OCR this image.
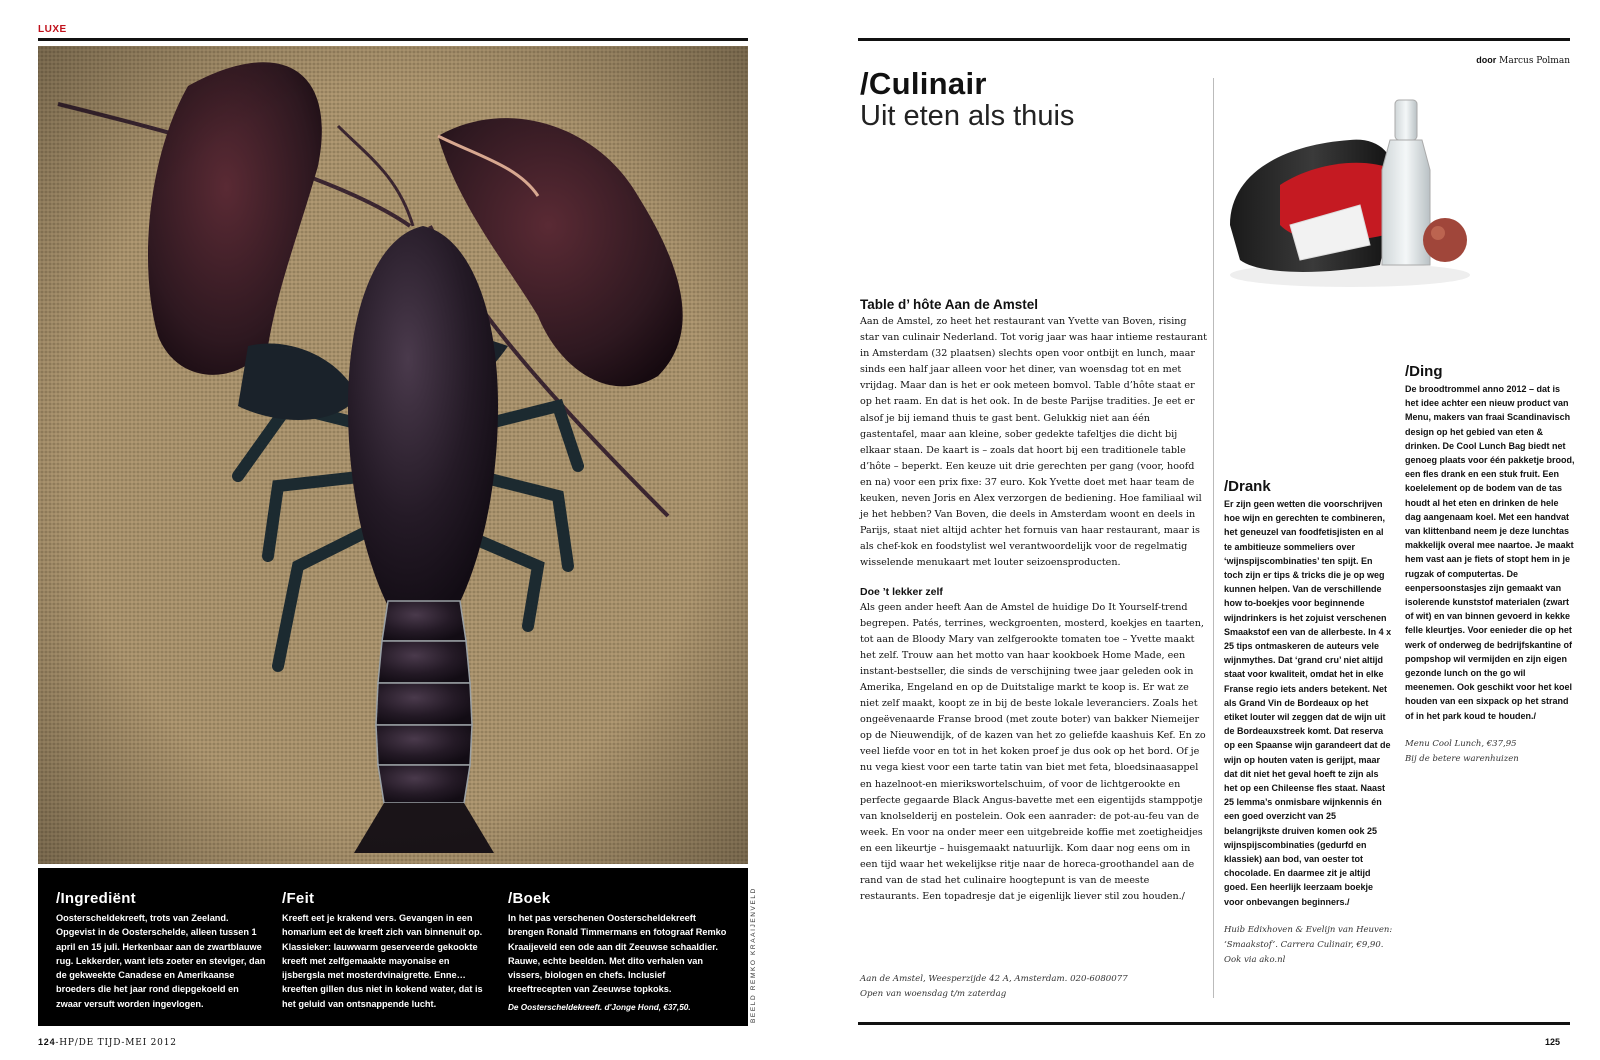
LUXE
/Ingrediënt

Oosterscheldekreeft, trots van Zeeland. Opgevist in de Oosterschelde, alleen tussen 1 april en 15 juli. Herkenbaar aan de zwartblauwe rug. Lekkerder, want iets zoeter en steviger, dan de gekweekte Canadese en Amerikaanse broeders die het jaar rond diepgekoeld en zwaar versuft worden ingevlogen.

/Feit

Kreeft eet je krakend vers. Gevangen in een homarium eet de kreeft zich van binnenuit op. Klassieker: lauwwarm geserveerde gekookte kreeft met zelfgemaakte mayonaise en ijsbergsla met mosterdvinaigrette. Enne… kreeften gillen dus niet in kokend water, dat is het geluid van ontsnappende lucht.

/Boek

In het pas verschenen Oosterscheldekreeft brengen Ronald Timmermans en fotograaf Remko Kraaijeveld een ode aan dit Zeeuwse schaaldier. Rauwe, echte beelden. Met dito verhalen van vissers, biologen en chefs. Inclusief kreeftrecepten van Zeeuwse topkoks.

De Oosterscheldekreeft. d'Jonge Hond, €37,50.	BEELD REMKO KRAAIJENVELD
124-HP/DE TIJD-MEI 2012
door Marcus Polman
/Culinair
Uit eten als thuis
Table d’ hôte Aan de Amstel

Aan de Amstel, zo heet het restaurant van Yvette van Boven, rising star van culinair Nederland. Tot vorig jaar was haar intieme restaurant in Amsterdam (32 plaatsen) slechts open voor ontbijt en lunch, maar sinds een half jaar alleen voor het diner, van woensdag tot en met vrijdag. Maar dan is het er ook meteen bomvol. Table d’hôte staat er op het raam. En dat is het ook. In de beste Parijse tradities. Je eet er alsof je bij iemand thuis te gast bent. Gelukkig niet aan één gastentafel, maar aan kleine, sober gedekte tafeltjes die dicht bij elkaar staan. De kaart is – zoals dat hoort bij een traditionele table d’hôte – beperkt. Een keuze uit drie gerechten per gang (voor, hoofd en na) voor een prix fixe: 37 euro. Kok Yvette doet met haar team de keuken, neven Joris en Alex verzorgen de bediening. Hoe familiaal wil je het hebben? Van Boven, die deels in Amsterdam woont en deels in Parijs, staat niet altijd achter het fornuis van haar restaurant, maar is als chef-kok en foodstylist wel verantwoordelijk voor de regelmatig wisselende menukaart met louter seizoensproducten.

Doe ’t lekker zelf

Als geen ander heeft Aan de Amstel de huidige Do It Yourself-trend begrepen. Patés, terrines, weckgroenten, mosterd, koekjes en taarten, tot aan de Bloody Mary van zelfgerookte tomaten toe – Yvette maakt het zelf. Trouw aan het motto van haar kookboek Home Made, een instant-bestseller, die sinds de verschijning twee jaar geleden ook in Amerika, Engeland en op de Duitstalige markt te koop is. Er wat ze niet zelf maakt, koopt ze in bij de beste lokale leveranciers. Zoals het ongeëvenaarde Franse brood (met zoute boter) van bakker Niemeijer op de Nieuwendijk, of de kazen van het zo geliefde kaashuis Kef. En zo veel liefde voor en tot in het koken proef je dus ook op het bord. Of je nu vega kiest voor een tarte tatin van biet met feta, bloedsinaasappel en hazelnoot-en mierikswortelschuim, of voor de lichtgerookte en perfecte gegaarde Black Angus-bavette met een eigentijds stamppotje van knolselderij en postelein. Ook een aanrader: de pot-au-feu van de week. En voor na onder meer een uitgebreide koffie met zoetigheidjes en een likeurtje – huisgemaakt natuurlijk. Kom daar nog eens om in een tijd waar het wekelijkse ritje naar de horeca-groothandel aan de rand van de stad het culinaire hoogtepunt is van de meeste restaurants. Een topadresje dat je eigenlijk liever stil zou houden./

Aan de Amstel, Weesperzijde 42 A, Amsterdam. 020-6080077
Open van woensdag t/m zaterdag
/Drank

Er zijn geen wetten die voorschrijven hoe wijn en gerechten te combineren, het geneuzel van foodfetisjisten en al te ambitieuze sommeliers over ‘wijnspijscombinaties’ ten spijt. En toch zijn er tips & tricks die je op weg kunnen helpen. Van de verschillende how to-boekjes voor beginnende wijndrinkers is het zojuist verschenen Smaakstof een van de allerbeste. In 4 x 25 tips ontmaskeren de auteurs vele wijnmythes. Dat ‘grand cru’ niet altijd staat voor kwaliteit, omdat het in elke Franse regio iets anders betekent. Net als Grand Vin de Bordeaux op het etiket louter wil zeggen dat de wijn uit de Bordeauxstreek komt. Dat reserva op een Spaanse wijn garandeert dat de wijn op houten vaten is gerijpt, maar dat dit niet het geval hoeft te zijn als het op een Chileense fles staat. Naast 25 lemma’s onmisbare wijnkennis én een goed overzicht van 25 belangrijkste druiven komen ook 25 wijnspijscombinaties (gedurfd en klassiek) aan bod, van oester tot chocolade. En daarmee zit je altijd goed. Een heerlijk leerzaam boekje voor onbevangen beginners./

Huib Edixhoven & Evelijn van Heuven: ‘Smaakstof’. Carrera Culinair, €9,90. Ook via ako.nl

/Ding

De broodtrommel anno 2012 – dat is het idee achter een nieuw product van Menu, makers van fraai Scandinavisch design op het gebied van eten & drinken. De Cool Lunch Bag biedt net genoeg plaats voor één pakketje brood, een fles drank en een stuk fruit. Een koelelement op de bodem van de tas houdt al het eten en drinken de hele dag aangenaam koel. Met een handvat van klittenband neem je deze lunchtas makkelijk overal mee naartoe. Je maakt hem vast aan je fiets of stopt hem in je rugzak of computertas. De eenpersoonstasjes zijn gemaakt van isolerende kunststof materialen (zwart of wit) en van binnen gevoerd in kekke felle kleurtjes. Voor eenieder die op het werk of onderweg de bedrijfskantine of pompshop wil vermijden en zijn eigen gezonde lunch on the go wil meenemen. Ook geschikt voor het koel houden van een sixpack op het strand of in het park koud te houden./

Menu Cool Lunch, €37,95
Bij de betere warenhuizen

125
